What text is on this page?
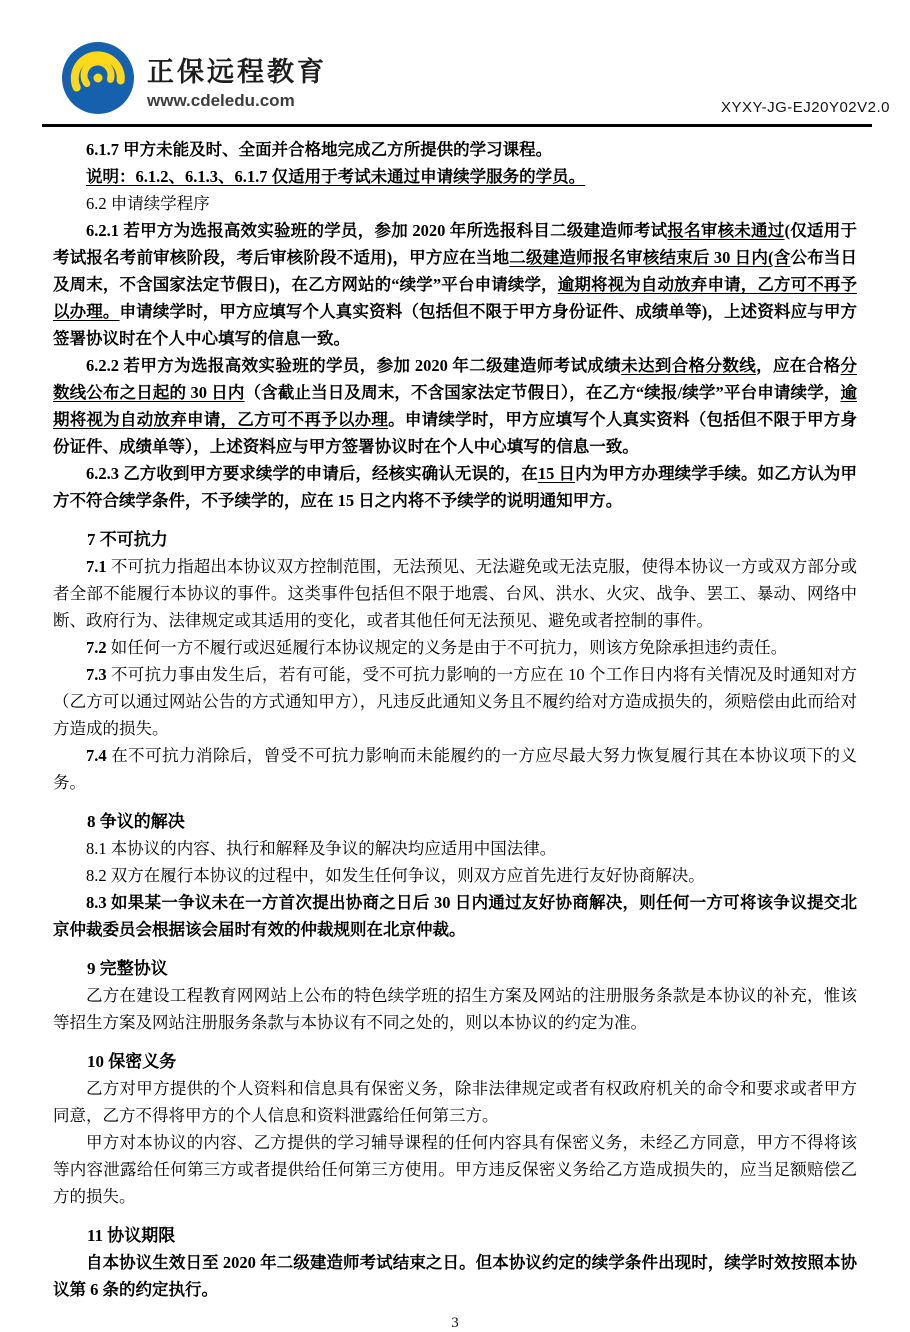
正保远程教育
www.cdeledu.com	XYXY-JG-EJ20Y02V2.0

6.1.7 甲方未能及时、全面并合格地完成乙方所提供的学习课程。

说明：6.1.2、6.1.3、6.1.7 仅适用于考试未通过申请续学服务的学员。

6.2 申请续学程序

6.2.1 若甲方为选报高效实验班的学员，参加 2020 年所选报科目二级建造师考试报名审核未通过(仅适用于考试报名考前审核阶段，考后审核阶段不适用)，甲方应在当地二级建造师报名审核结束后 30 日内(含公布当日及周末，不含国家法定节假日)，在乙方网站的“续学”平台申请续学，逾期将视为自动放弃申请，乙方可不再予以办理。申请续学时，甲方应填写个人真实资料（包括但不限于甲方身份证件、成绩单等)，上述资料应与甲方签署协议时在个人中心填写的信息一致。

6.2.2 若甲方为选报高效实验班的学员，参加 2020 年二级建造师考试成绩未达到合格分数线，应在合格分数线公布之日起的 30 日内（含截止当日及周末，不含国家法定节假日），在乙方“续报/续学”平台申请续学，逾期将视为自动放弃申请，乙方可不再予以办理。申请续学时，甲方应填写个人真实资料（包括但不限于甲方身份证件、成绩单等），上述资料应与甲方签署协议时在个人中心填写的信息一致。

6.2.3 乙方收到甲方要求续学的申请后，经核实确认无误的，在15 日内为甲方办理续学手续。如乙方认为甲方不符合续学条件，不予续学的，应在 15 日之内将不予续学的说明通知甲方。

7 不可抗力

7.1 不可抗力指超出本协议双方控制范围，无法预见、无法避免或无法克服，使得本协议一方或双方部分或者全部不能履行本协议的事件。这类事件包括但不限于地震、台风、洪水、火灾、战争、罢工、暴动、网络中断、政府行为、法律规定或其适用的变化，或者其他任何无法预见、避免或者控制的事件。

7.2 如任何一方不履行或迟延履行本协议规定的义务是由于不可抗力，则该方免除承担违约责任。

7.3 不可抗力事由发生后，若有可能，受不可抗力影响的一方应在 10 个工作日内将有关情况及时通知对方（乙方可以通过网站公告的方式通知甲方），凡违反此通知义务且不履约给对方造成损失的，须赔偿由此而给对方造成的损失。

7.4 在不可抗力消除后，曾受不可抗力影响而未能履约的一方应尽最大努力恢复履行其在本协议项下的义务。

8 争议的解决

8.1 本协议的内容、执行和解释及争议的解决均应适用中国法律。

8.2 双方在履行本协议的过程中，如发生任何争议，则双方应首先进行友好协商解决。

8.3 如果某一争议未在一方首次提出协商之日后 30 日内通过友好协商解决，则任何一方可将该争议提交北京仲裁委员会根据该会届时有效的仲裁规则在北京仲裁。

9 完整协议

乙方在建设工程教育网网站上公布的特色续学班的招生方案及网站的注册服务条款是本协议的补充，惟该等招生方案及网站注册服务条款与本协议有不同之处的，则以本协议的约定为准。

10 保密义务

乙方对甲方提供的个人资料和信息具有保密义务，除非法律规定或者有权政府机关的命令和要求或者甲方同意，乙方不得将甲方的个人信息和资料泄露给任何第三方。

甲方对本协议的内容、乙方提供的学习辅导课程的任何内容具有保密义务，未经乙方同意，甲方不得将该等内容泄露给任何第三方或者提供给任何第三方使用。甲方违反保密义务给乙方造成损失的，应当足额赔偿乙方的损失。

11 协议期限

自本协议生效日至 2020 年二级建造师考试结束之日。但本协议约定的续学条件出现时，续学时效按照本协议第 6 条的约定执行。

3
